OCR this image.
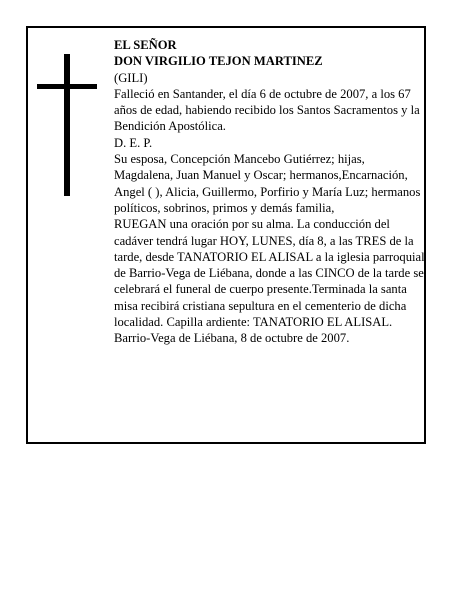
EL SEÑOR

DON VIRGILIO TEJON MARTINEZ

(GILI)

Falleció en Santander, el día 6 de octubre de 2007, a los 67 años de edad, habiendo recibido los Santos Sacramentos y la Bendición Apostólica.

D. E. P.

Su esposa, Concepción Mancebo Gutiérrez; hijas, Magdalena, Juan Manuel y Oscar; hermanos,Encarnación, Angel ( ), Alicia, Guillermo, Porfirio y María Luz; hermanos políticos, sobrinos, primos y demás familia,

RUEGAN una oración por su alma. La conducción del cadáver tendrá lugar HOY, LUNES, día 8, a las TRES de la tarde, desde TANATORIO EL ALISAL a la iglesia parroquial de Barrio-Vega de Liébana, donde a las CINCO de la tarde se celebrará el funeral de cuerpo presente.Terminada la santa misa recibirá cristiana sepultura en el cementerio de dicha localidad. Capilla ardiente: TANATORIO EL ALISAL.

Barrio-Vega de Liébana, 8 de octubre de 2007.
